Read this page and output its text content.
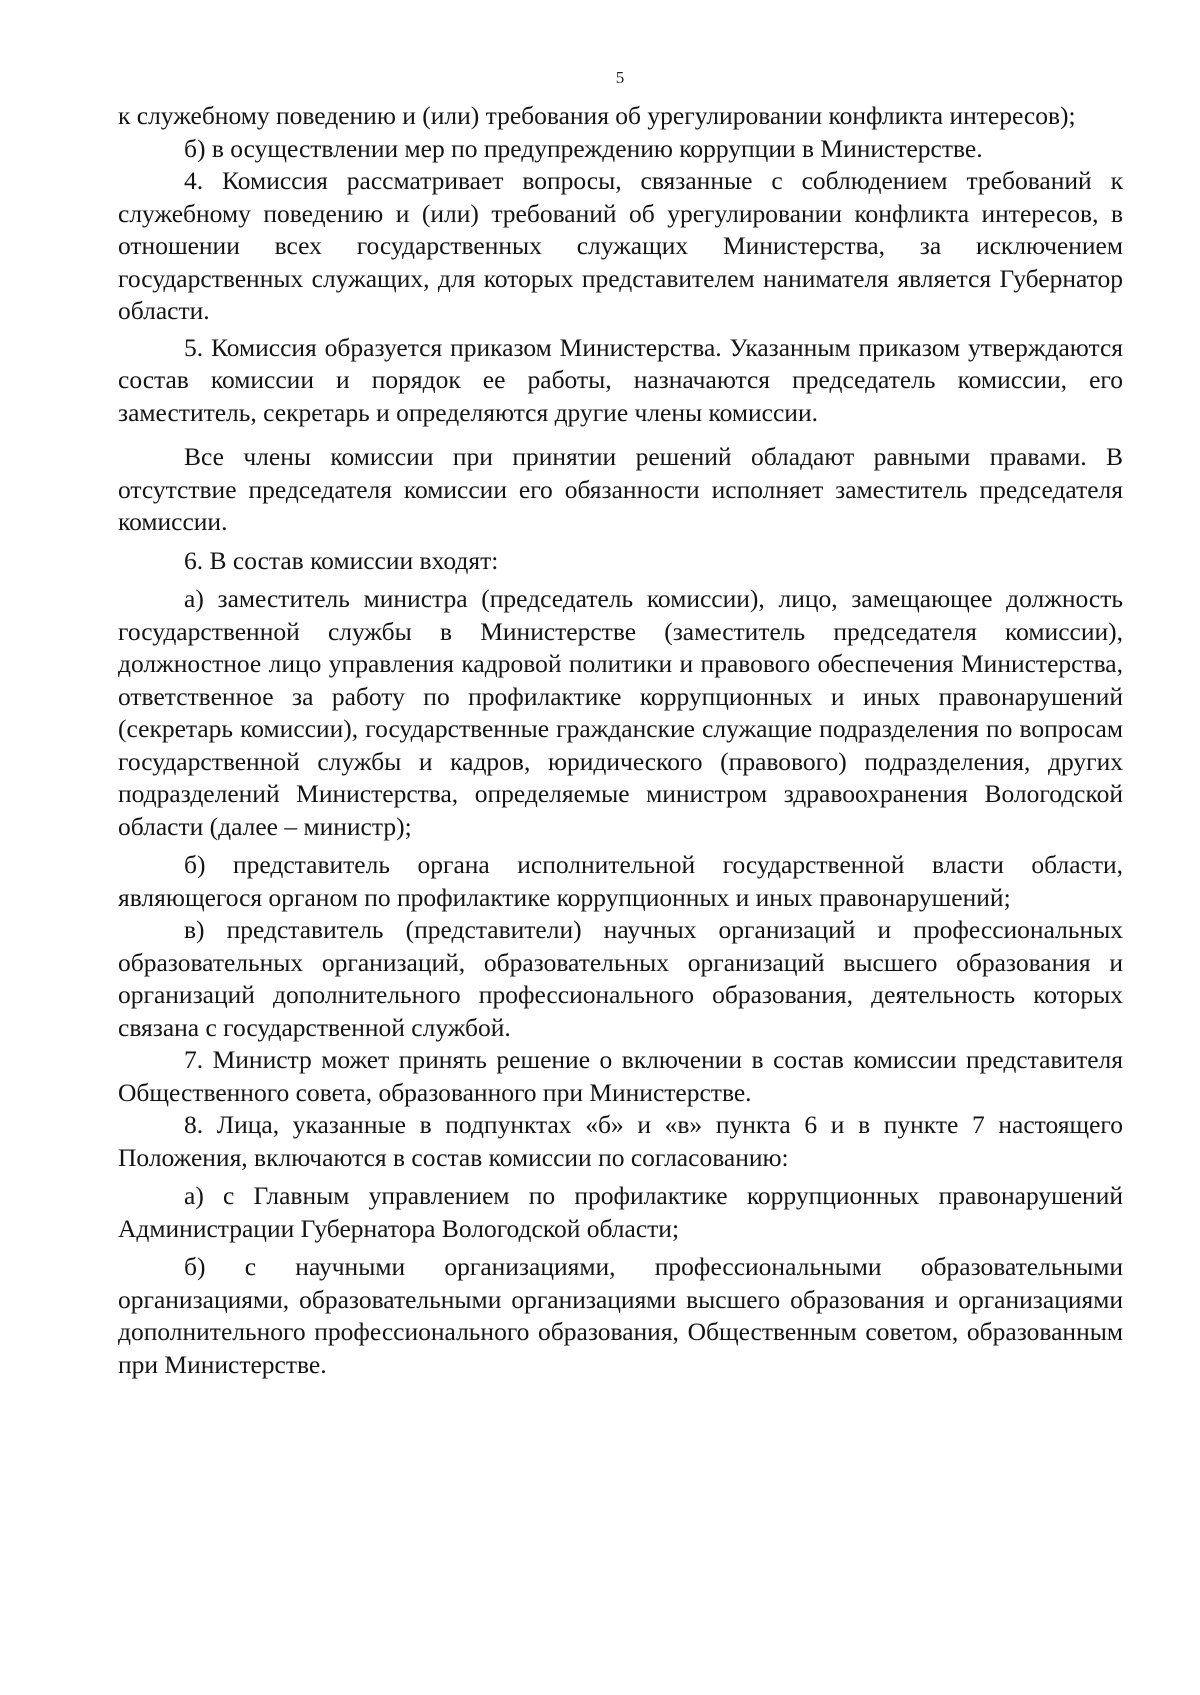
5

к служебному поведению и (или) требования об урегулировании конфликта интересов);

б) в осуществлении мер по предупреждению коррупции в Министерстве.

4. Комиссия рассматривает вопросы, связанные с соблюдением требований к служебному поведению и (или) требований об урегулировании конфликта интересов, в отношении всех государственных служащих Министерства, за исключением государственных служащих, для которых представителем нанимателя является Губернатор области.

5. Комиссия образуется приказом Министерства. Указанным приказом утверждаются состав комиссии и порядок ее работы, назначаются председатель комиссии, его заместитель, секретарь и определяются другие члены комиссии.

Все члены комиссии при принятии решений обладают равными правами. В отсутствие председателя комиссии его обязанности исполняет заместитель председателя комиссии.

6. В состав комиссии входят:

а) заместитель министра (председатель комиссии), лицо, замещающее должность государственной службы в Министерстве (заместитель председателя комиссии), должностное лицо управления кадровой политики и правового обеспечения Министерства, ответственное за работу по профилактике коррупционных и иных правонарушений (секретарь комиссии), государственные гражданские служащие подразделения по вопросам государственной службы и кадров, юридического (правового) подразделения, других подразделений Министерства, определяемые министром здравоохранения Вологодской области (далее – министр);

б) представитель органа исполнительной государственной власти области, являющегося органом по профилактике коррупционных и иных правонарушений;

в) представитель (представители) научных организаций и профессиональных образовательных организаций, образовательных организаций высшего образования и организаций дополнительного профессионального образования, деятельность которых связана с государственной службой.

7. Министр может принять решение о включении в состав комиссии представителя Общественного совета, образованного при Министерстве.

8. Лица, указанные в подпунктах «б» и «в» пункта 6 и в пункте 7 настоящего Положения, включаются в состав комиссии по согласованию:

а) с Главным управлением по профилактике коррупционных правонарушений Администрации Губернатора Вологодской области;

б) с научными организациями, профессиональными образовательными организациями, образовательными организациями высшего образования и организациями дополнительного профессионального образования, Общественным советом, образованным при Министерстве.
